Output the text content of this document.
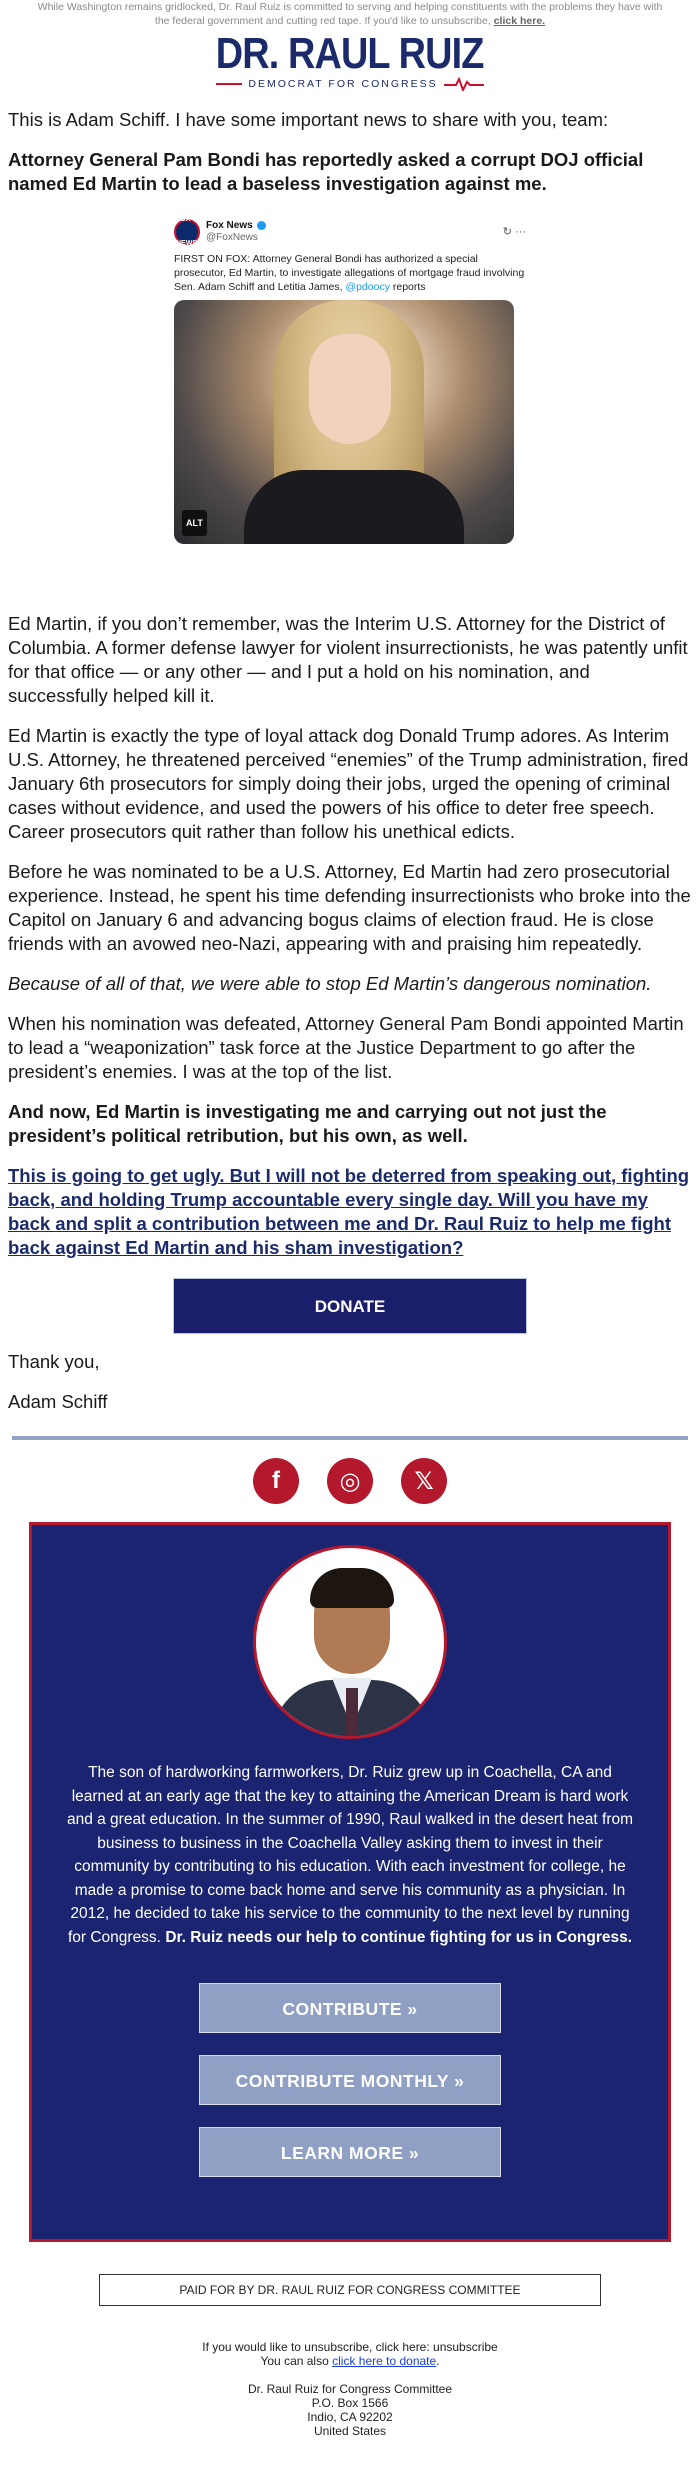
While Washington remains gridlocked, Dr. Raul Ruiz is committed to serving and helping constituents with the problems they have with the federal government and cutting red tape. If you'd like to unsubscribe, click here.
DR. RAUL RUIZ
DEMOCRAT FOR CONGRESS

This is Adam Schiff. I have some important news to share with you, team:

Attorney General Pam Bondi has reportedly asked a corrupt DOJ official named Ed Martin to lead a baseless investigation against me.

FOX NEWS
Fox News
@FoxNews	↻ ···
FIRST ON FOX: Attorney General Bondi has authorized a special prosecutor, Ed Martin, to investigate allegations of mortgage fraud involving Sen. Adam Schiff and Letitia James, @pdoocy reports
ALT

Ed Martin, if you don’t remember, was the Interim U.S. Attorney for the District of Columbia. A former defense lawyer for violent insurrectionists, he was patently unfit for that office — or any other — and I put a hold on his nomination, and successfully helped kill it.

Ed Martin is exactly the type of loyal attack dog Donald Trump adores. As Interim U.S. Attorney, he threatened perceived “enemies” of the Trump administration, fired January 6th prosecutors for simply doing their jobs, urged the opening of criminal cases without evidence, and used the powers of his office to deter free speech. Career prosecutors quit rather than follow his unethical edicts.

Before he was nominated to be a U.S. Attorney, Ed Martin had zero prosecutorial experience. Instead, he spent his time defending insurrectionists who broke into the Capitol on January 6 and advancing bogus claims of election fraud. He is close friends with an avowed neo-Nazi, appearing with and praising him repeatedly.

Because of all of that, we were able to stop Ed Martin’s dangerous nomination.

When his nomination was defeated, Attorney General Pam Bondi appointed Martin to lead a “weaponization” task force at the Justice Department to go after the president’s enemies. I was at the top of the list.

And now, Ed Martin is investigating me and carrying out not just the president’s political retribution, but his own, as well.

This is going to get ugly. But I will not be deterred from speaking out, fighting back, and holding Trump accountable every single day. Will you have my back and split a contribution between me and Dr. Raul Ruiz to help me fight back against Ed Martin and his sham investigation?

DONATE

Thank you,

Adam Schiff

f	◎	𝕏
The son of hardworking farmworkers, Dr. Ruiz grew up in Coachella, CA and learned at an early age that the key to attaining the American Dream is hard work and a great education. In the summer of 1990, Raul walked in the desert heat from business to business in the Coachella Valley asking them to invest in their community by contributing to his education. With each investment for college, he made a promise to come back home and serve his community as a physician. In 2012, he decided to take his service to the community to the next level by running for Congress. Dr. Ruiz needs our help to continue fighting for us in Congress.
CONTRIBUTE »
CONTRIBUTE MONTHLY »
LEARN MORE »
PAID FOR BY DR. RAUL RUIZ FOR CONGRESS COMMITTEE
If you would like to unsubscribe, click here: unsubscribe
You can also click here to donate.
Dr. Raul Ruiz for Congress Committee
P.O. Box 1566
Indio, CA 92202
United States
